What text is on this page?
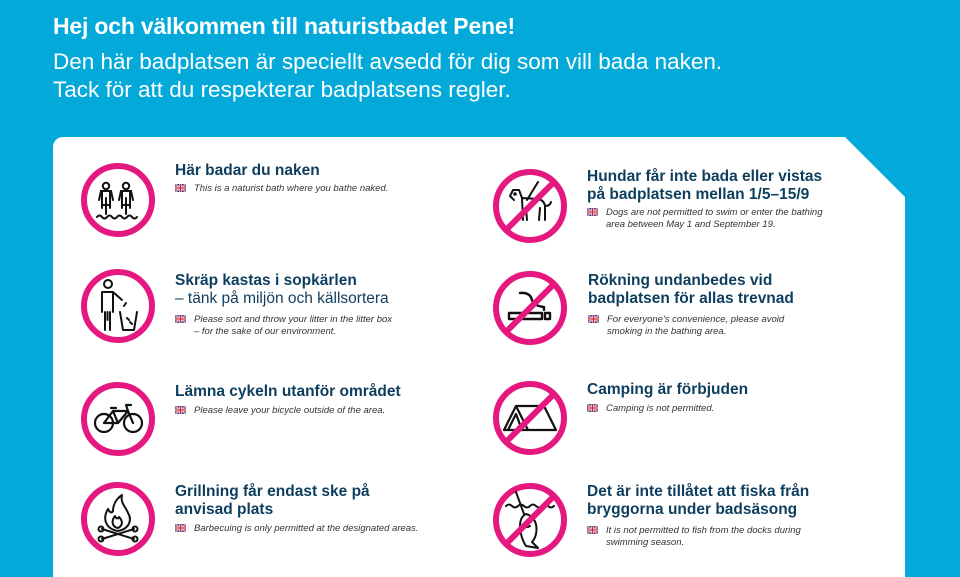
Hej och välkommen till naturistbadet Pene!
Den här badplatsen är speciellt avsedd för dig som vill bada naken.
Tack för att du respekterar badplatsens regler.
Här badar du naken
This is a naturist bath where you bathe naked.
Hundar får inte bada eller vistas
på badplatsen mellan 1/5–15/9
Dogs are not permitted to swim or enter the bathing
area between May 1 and September 19.
Skräp kastas i sopkärlen
– tänk på miljön och källsortera
Please sort and throw your litter in the litter box
– for the sake of our environment.
Rökning undanbedes vid
badplatsen för allas trevnad
For everyone's convenience, please avoid
smoking in the bathing area.
Lämna cykeln utanför området
Please leave your bicycle outside of the area.
Camping är förbjuden
Camping is not permitted.
Grillning får endast ske på
anvisad plats
Barbecuing is only permitted at the designated areas.
Det är inte tillåtet att fiska från
bryggorna under badsäsong
It is not permitted to fish from the docks during
swimming season.
